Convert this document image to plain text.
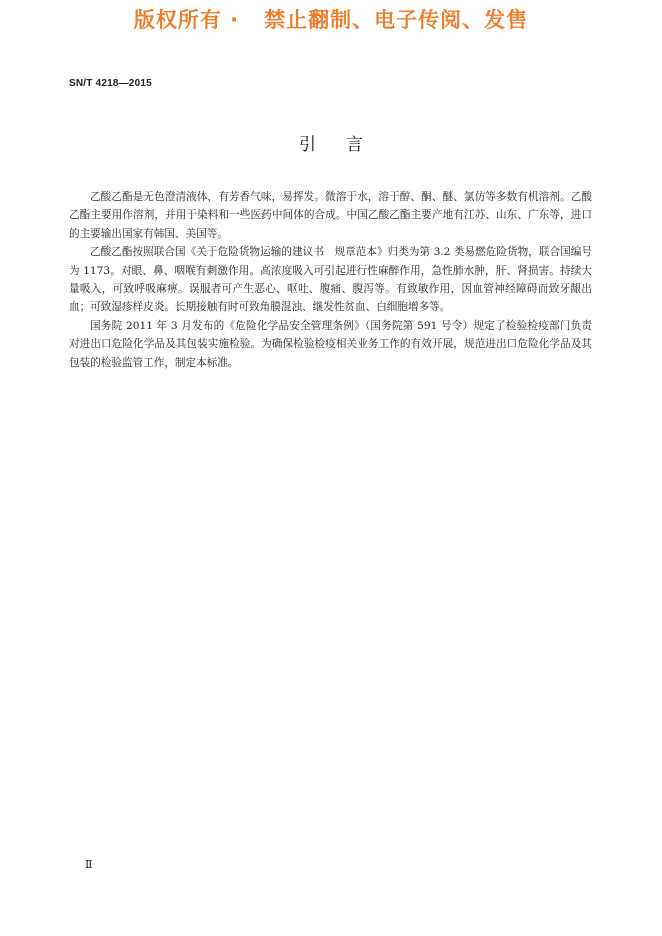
版权所有 ·   禁止翻制、电子传阅、发售
SN/T 4218—2015
引言

乙酸乙酯是无色澄清液体，有芳香气味，易挥发。微溶于水，溶于醇、酮、醚、氯仿等多数有机溶剂。乙酸乙酯主要用作溶剂，并用于染料和一些医药中间体的合成。中国乙酸乙酯主要产地有江苏、山东、广东等，进口的主要输出国家有韩国、美国等。

乙酸乙酯按照联合国《关于危险货物运输的建议书　规章范本》归类为第 3.2 类易燃危险货物，联合国编号为 1173。对眼、鼻、咽喉有刺激作用。高浓度吸入可引起进行性麻醉作用，急性肺水肿，肝、肾损害。持续大量吸入，可致呼吸麻痹。误服者可产生恶心、呕吐、腹痛、腹泻等。有致敏作用，因血管神经障碍而致牙龈出血；可致湿疹样皮炎。长期接触有时可致角膜混浊、继发性贫血、白细胞增多等。

国务院 2011 年 3 月发布的《危险化学品安全管理条例》（国务院第 591 号令）规定了检验检疫部门负责对进出口危险化学品及其包装实施检验。为确保检验检疫相关业务工作的有效开展，规范进出口危险化学品及其包装的检验监管工作，制定本标准。

Ⅱ
